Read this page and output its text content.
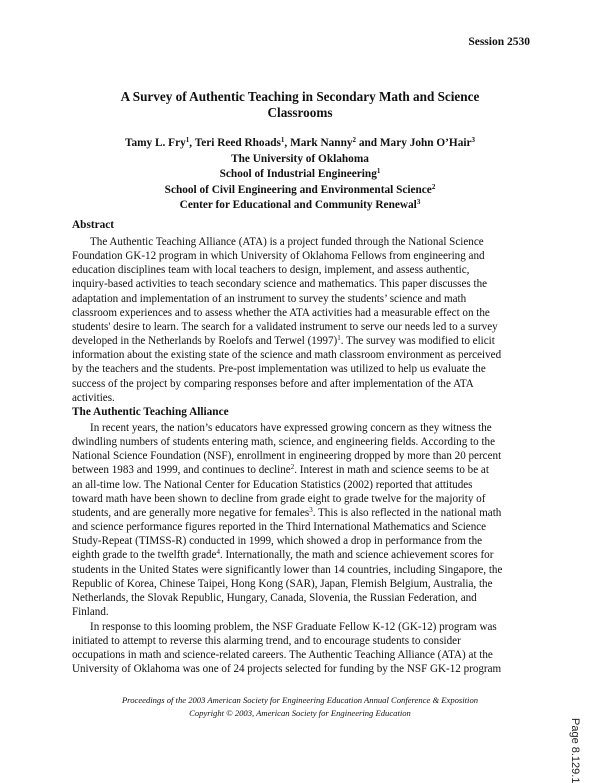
Session 2530
A Survey of Authentic Teaching in Secondary Math and Science
Classrooms
Tamy L. Fry$^1$, Teri Reed Rhoads$^1$, Mark Nanny$^2$ and Mary John O’Hair$^3$
The University of Oklahoma
School of Industrial Engineering$^1$
School of Civil Engineering and Environmental Science$^2$
Center for Educational and Community Renewal$^3$
Abstract
The Authentic Teaching Alliance (ATA) is a project funded through the National Science
Foundation GK-12 program in which University of Oklahoma Fellows from engineering and
education disciplines team with local teachers to design, implement, and assess authentic,
inquiry-based activities to teach secondary science and mathematics. This paper discusses the
adaptation and implementation of an instrument to survey the students’ science and math
classroom experiences and to assess whether the ATA activities had a measurable effect on the
students' desire to learn. The search for a validated instrument to serve our needs led to a survey
developed in the Netherlands by Roelofs and Terwel $(1997)^1$. The survey was modified to elicit
information about the existing state of the science and math classroom environment as perceived
by the teachers and the students. Pre-post implementation was utilized to help us evaluate the
success of the project by comparing responses before and after implementation of the ATA
activities.
The Authentic Teaching Alliance
In recent years, the nation’s educators have expressed growing concern as they witness the
dwindling numbers of students entering math, science, and engineering fields. According to the
National Science Foundation (NSF), enrollment in engineering dropped by more than 20 percent
between 1983 and 1999, and continues to decline$^2$. Interest in math and science seems to be at
an all-time low. The National Center for Education Statistics (2002) reported that attitudes
toward math have been shown to decline from grade eight to grade twelve for the majority of
students, and are generally more negative for females$^3$. This is also reflected in the national math
and science performance figures reported in the Third International Mathematics and Science
Study-Repeat (TIMSS-R) conducted in 1999, which showed a drop in performance from the
eighth grade to the twelfth grade$^4$. Internationally, the math and science achievement scores for
students in the United States were significantly lower than 14 countries, including Singapore, the
Republic of Korea, Chinese Taipei, Hong Kong (SAR), Japan, Flemish Belgium, Australia, the
Netherlands, the Slovak Republic, Hungary, Canada, Slovenia, the Russian Federation, and
Finland.
In response to this looming problem, the NSF Graduate Fellow K-12 (GK-12) program was
initiated to attempt to reverse this alarming trend, and to encourage students to consider
occupations in math and science-related careers. The Authentic Teaching Alliance (ATA) at the
University of Oklahoma was one of 24 projects selected for funding by the NSF GK-12 program
Proceedings of the 2003 American Society for Engineering Education Annual Conference & Exposition
Copyright © 2003, American Society for Engineering Education
Page 8.129.1
